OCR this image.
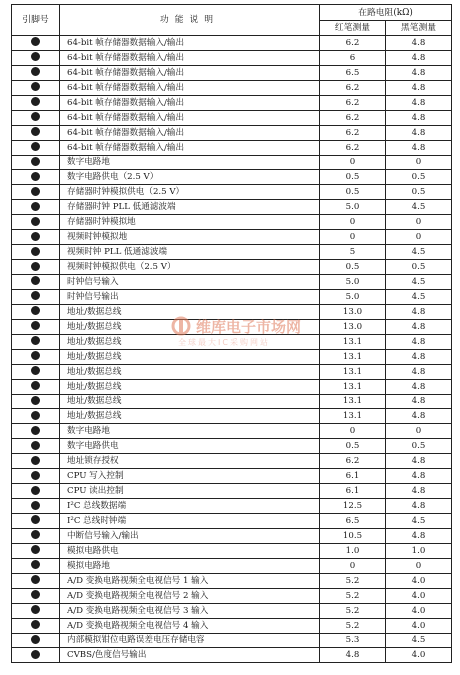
引脚号	功能说明	在路电阻(kΩ)	
		红笔测量	黑笔测量
	64-bit 帧存储器数据输入/输出	6.2	4.8
	64-bit 帧存储器数据输入/输出	6	4.8
	64-bit 帧存储器数据输入/输出	6.5	4.8
	64-bit 帧存储器数据输入/输出	6.2	4.8
	64-bit 帧存储器数据输入/输出	6.2	4.8
	64-bit 帧存储器数据输入/输出	6.2	4.8
	64-bit 帧存储器数据输入/输出	6.2	4.8
	64-bit 帧存储器数据输入/输出	6.2	4.8
	数字电路地	0	0
	数字电路供电（2.5 V）	0.5	0.5
	存储器时钟模拟供电（2.5 V）	0.5	0.5
	存储器时钟 PLL 低通滤波端	5.0	4.5
	存储器时钟模拟地	0	0
	视频时钟模拟地	0	0
	视频时钟 PLL 低通滤波端	5	4.5
	视频时钟模拟供电（2.5 V）	0.5	0.5
	时钟信号输入	5.0	4.5
	时钟信号输出	5.0	4.5
	地址/数据总线	13.0	4.8
	地址/数据总线	13.0	4.8
	地址/数据总线	13.1	4.8
	地址/数据总线	13.1	4.8
	地址/数据总线	13.1	4.8
	地址/数据总线	13.1	4.8
	地址/数据总线	13.1	4.8
	地址/数据总线	13.1	4.8
	数字电路地	0	0
	数字电路供电	0.5	0.5
	地址锁存授权	6.2	4.8
	CPU 写入控制	6.1	4.8
	CPU 读出控制	6.1	4.8
	I²C 总线数据端	12.5	4.8
	I²C 总线时钟端	6.5	4.5
	中断信号输入/输出	10.5	4.8
	模拟电路供电	1.0	1.0
	模拟电路地	0	0
	A/D 变换电路视频全电视信号 1 输入	5.2	4.0
	A/D 变换电路视频全电视信号 2 输入	5.2	4.0
	A/D 变换电路视频全电视信号 3 输入	5.2	4.0
	A/D 变换电路视频全电视信号 4 输入	5.2	4.0
	内部模拟钳位电路误差电压存储电容	5.3	4.5
	CVBS/色度信号输出	4.8	4.0
维库电子市场网
全球最大IC采购网站
